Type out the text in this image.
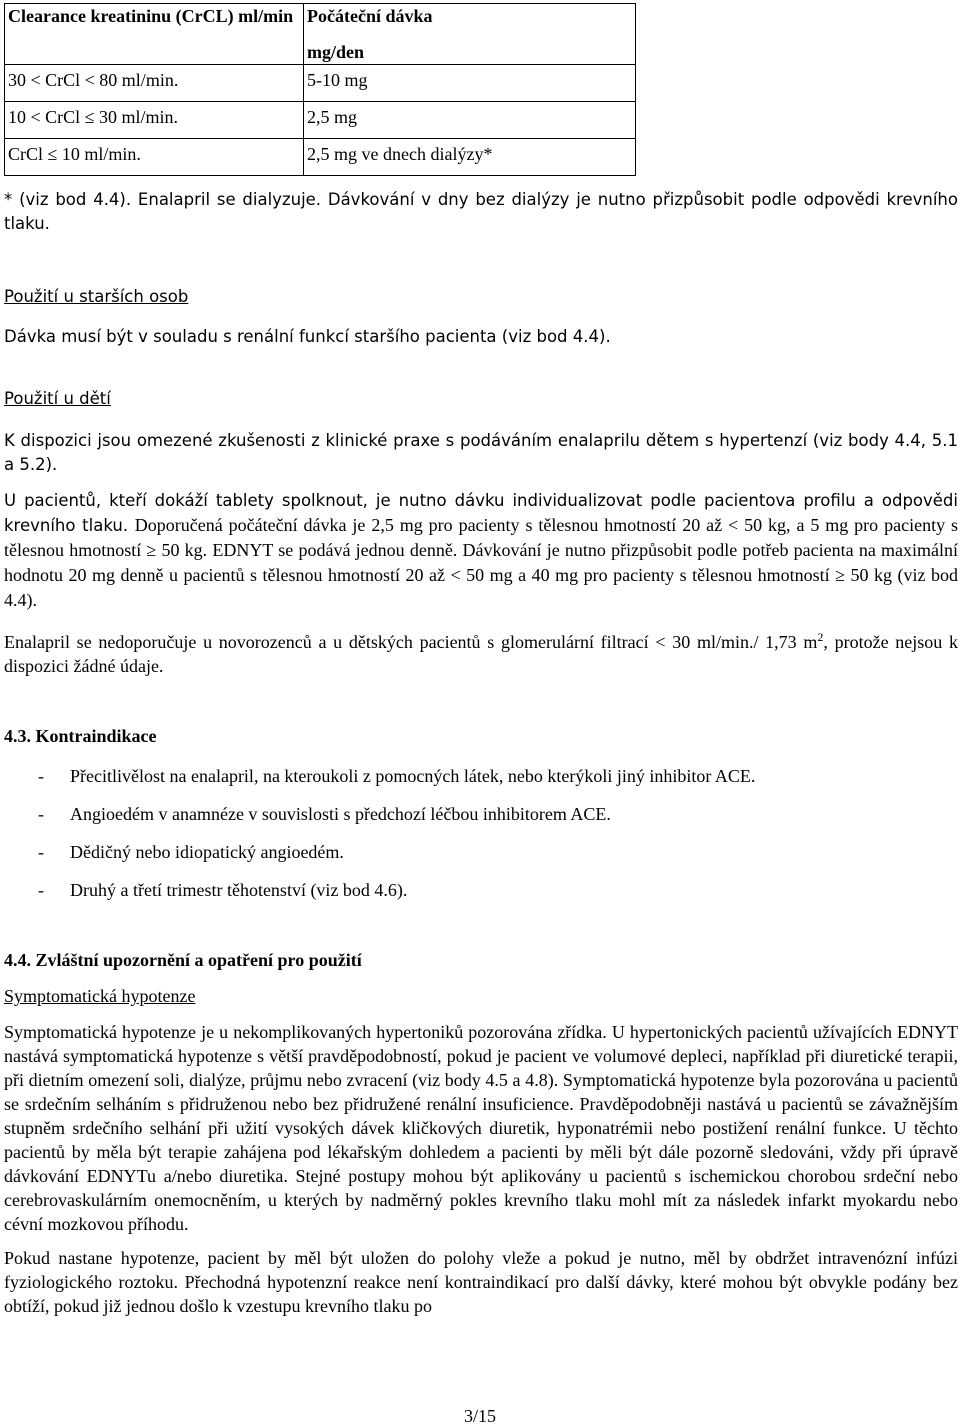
Clearance kreatininu (CrCL) ml/min	Počáteční dávka
mg/den

30 < CrCl < 80 ml/min.	5-10 mg
10 < CrCl ≤ 30 ml/min.	2,5 mg
CrCl ≤ 10 ml/min.	2,5 mg ve dnech dialýzy*

* (viz bod 4.4). Enalapril se dialyzuje. Dávkování v dny bez dialýzy je nutno přizpůsobit podle odpovědi krevního tlaku.

Použití u starších osob

Dávka musí být v souladu s renální funkcí staršího pacienta (viz bod 4.4).

Použití u dětí

K dispozici jsou omezené zkušenosti z klinické praxe s podáváním enalaprilu dětem s hypertenzí (viz body 4.4, 5.1 a 5.2).

U pacientů, kteří dokáží tablety spolknout, je nutno dávku individualizovat podle pacientova profilu a odpovědi krevního tlaku. Doporučená počáteční dávka je 2,5 mg pro pacienty s tělesnou hmotností 20 až < 50 kg, a 5 mg pro pacienty s tělesnou hmotností ≥ 50 kg. EDNYT se podává jednou denně. Dávkování je nutno přizpůsobit podle potřeb pacienta na maximální hodnotu 20 mg denně u pacientů s tělesnou hmotností 20 až < 50 mg a 40 mg pro pacienty s tělesnou hmotností ≥ 50 kg (viz bod 4.4).

Enalapril se nedoporučuje u novorozenců a u dětských pacientů s glomerulární filtrací < 30 ml/min./ 1,73 $m^2$, protože nejsou k dispozici žádné údaje.

4.3. Kontraindikace

-	Přecitlivělost na enalapril, na kteroukoli z pomocných látek, nebo kterýkoli jiný inhibitor ACE.
-	Angioedém v anamnéze v souvislosti s předchozí léčbou inhibitorem ACE.
-	Dědičný nebo idiopatický angioedém.
-	Druhý a třetí trimestr těhotenství (viz bod 4.6).

4.4. Zvláštní upozornění a opatření pro použití

Symptomatická hypotenze

Symptomatická hypotenze je u nekomplikovaných hypertoniků pozorována zřídka. U hypertonických pacientů užívajících EDNYT nastává symptomatická hypotenze s větší pravděpodobností, pokud je pacient ve volumové depleci, například při diuretické terapii, při dietním omezení soli, dialýze, průjmu nebo zvracení (viz body 4.5 a 4.8). Symptomatická hypotenze byla pozorována u pacientů se srdečním selháním s přidruženou nebo bez přidružené renální insuficience. Pravděpodobněji nastává u pacientů se závažnějším stupněm srdečního selhání při užití vysokých dávek kličkových diuretik, hyponatrémii nebo postižení renální funkce. U těchto pacientů by měla být terapie zahájena pod lékařským dohledem a pacienti by měli být dále pozorně sledováni, vždy při úpravě dávkování EDNYTu a/nebo diuretika. Stejné postupy mohou být aplikovány u pacientů s ischemickou chorobou srdeční nebo cerebrovaskulárním onemocněním, u kterých by nadměrný pokles krevního tlaku mohl mít za následek infarkt myokardu nebo cévní mozkovou příhodu.

Pokud nastane hypotenze, pacient by měl být uložen do polohy vleže a pokud je nutno, měl by obdržet intravenózní infúzi fyziologického roztoku. Přechodná hypotenzní reakce není kontraindikací pro další dávky, které mohou být obvykle podány bez obtíží, pokud již jednou došlo k vzestupu krevního tlaku po

3/15
